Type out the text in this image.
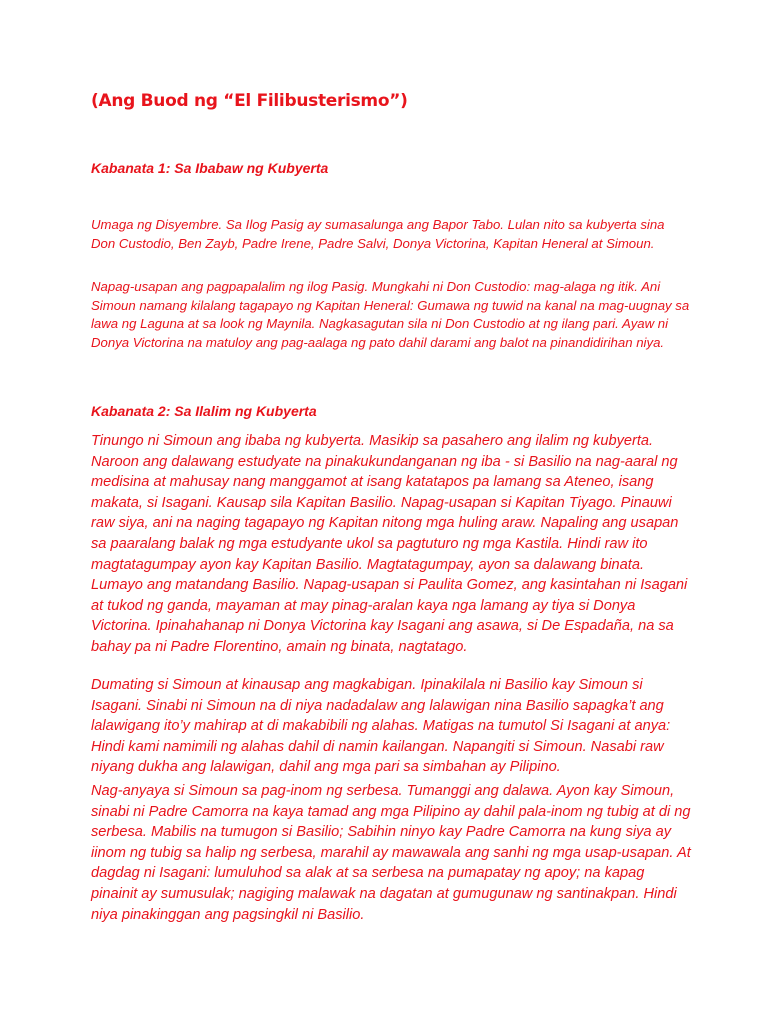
(Ang Buod ng “El Filibusterismo”)
Kabanata 1: Sa Ibabaw ng Kubyerta

Umaga ng Disyembre. Sa Ilog Pasig ay sumasalunga ang Bapor Tabo. Lulan nito sa kubyerta sina Don Custodio, Ben Zayb, Padre Irene, Padre Salvi, Donya Victorina, Kapitan Heneral at Simoun.

Napag-usapan ang pagpapalalim ng ilog Pasig. Mungkahi ni Don Custodio: mag-alaga ng itik. Ani Simoun namang kilalang tagapayo ng Kapitan Heneral: Gumawa ng tuwid na kanal na mag-uugnay sa lawa ng Laguna at sa look ng Maynila. Nagkasagutan sila ni Don Custodio at ng ilang pari. Ayaw ni Donya Victorina na matuloy ang pag-aalaga ng pato dahil darami ang balot na pinandidirihan niya.

Kabanata 2: Sa Ilalim ng Kubyerta

Tinungo ni Simoun ang ibaba ng kubyerta. Masikip sa pasahero ang ilalim ng kubyerta. Naroon ang dalawang estudyate na pinakukundanganan ng iba - si Basilio na nag-aaral ng medisina at mahusay nang manggamot at isang katatapos pa lamang sa Ateneo, isang makata, si Isagani. Kausap sila Kapitan Basilio. Napag-usapan si Kapitan Tiyago. Pinauwi raw siya, ani na naging tagapayo ng Kapitan nitong mga huling araw. Napaling ang usapan sa paaralang balak ng mga estudyante ukol sa pagtuturo ng mga Kastila. Hindi raw ito magtatagumpay ayon kay Kapitan Basilio. Magtatagumpay, ayon sa dalawang binata. Lumayo ang matandang Basilio. Napag-usapan si Paulita Gomez, ang kasintahan ni Isagani at tukod ng ganda, mayaman at may pinag-aralan kaya nga lamang ay tiya si Donya Victorina. Ipinahahanap ni Donya Victorina kay Isagani ang asawa, si De Espadaña, na sa bahay pa ni Padre Florentino, amain ng binata, nagtatago.

Dumating si Simoun at kinausap ang magkabigan. Ipinakilala ni Basilio kay Simoun si Isagani. Sinabi ni Simoun na di niya nadadalaw ang lalawigan nina Basilio sapagka’t ang lalawigang ito’y mahirap at di makabibili ng alahas. Matigas na tumutol Si Isagani at anya: Hindi kami namimili ng alahas dahil di namin kailangan. Napangiti si Simoun. Nasabi raw niyang dukha ang lalawigan, dahil ang mga pari sa simbahan ay Pilipino.

Nag-anyaya si Simoun sa pag-inom ng serbesa. Tumanggi ang dalawa. Ayon kay Simoun, sinabi ni Padre Camorra na kaya tamad ang mga Pilipino ay dahil pala-inom ng tubig at di ng serbesa. Mabilis na tumugon si Basilio; Sabihin ninyo kay Padre Camorra na kung siya ay iinom ng tubig sa halip ng serbesa, marahil ay mawawala ang sanhi ng mga usap-usapan. At dagdag ni Isagani: lumuluhod sa alak at sa serbesa na pumapatay ng apoy; na kapag pinainit ay sumusulak; nagiging malawak na dagatan at gumugunaw ng santinakpan. Hindi niya pinakinggan ang pagsingkil ni Basilio.
